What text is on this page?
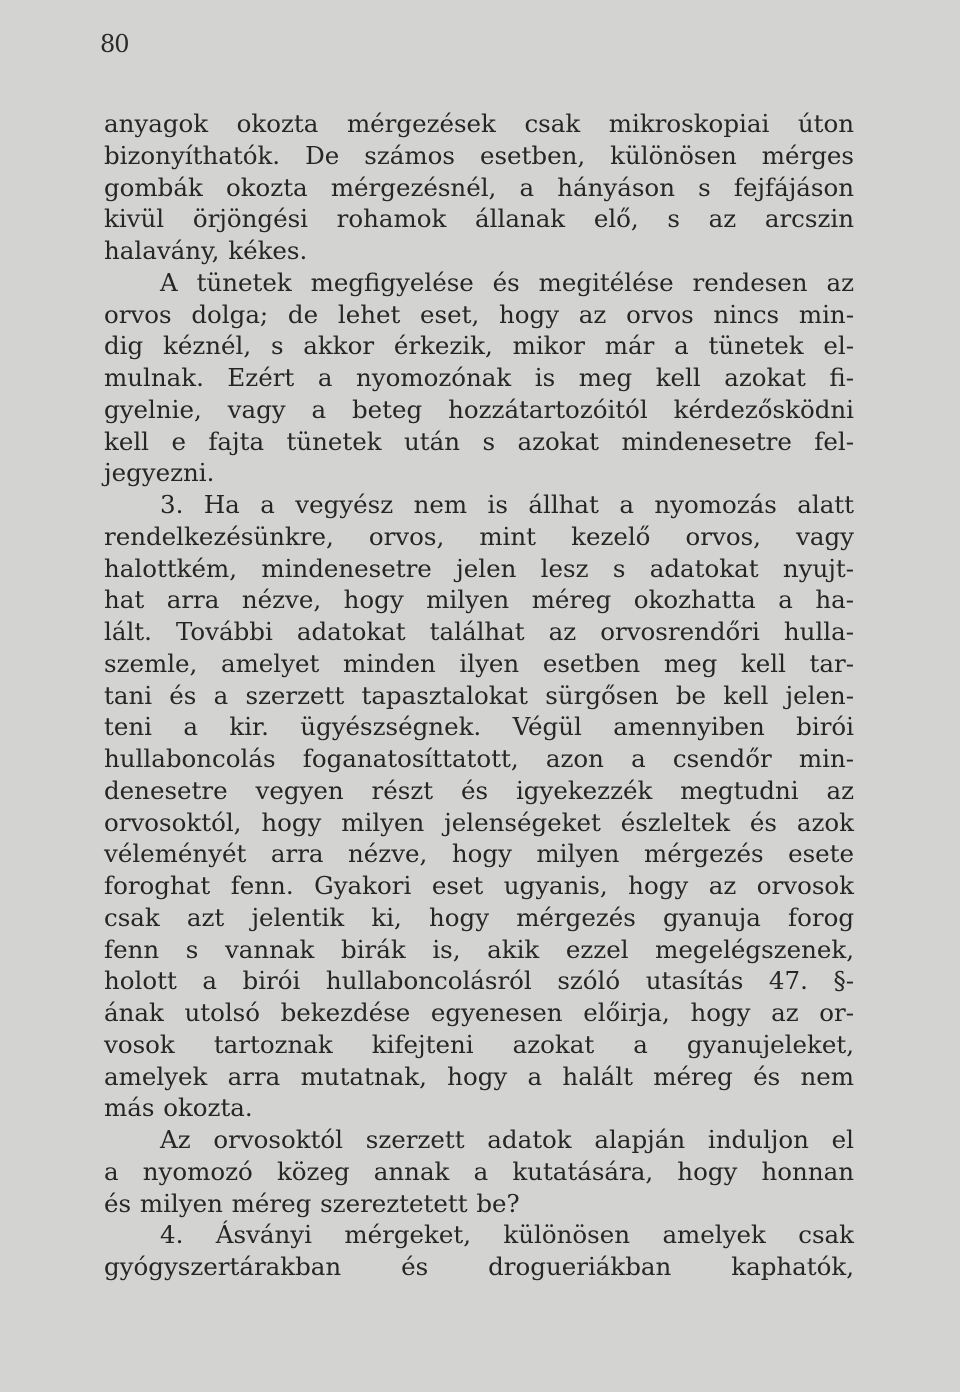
80
anyagok okozta mérgezések csak mikroskopiai úton
bizonyíthatók. De számos esetben, különösen mérges
gombák okozta mérgezésnél, a hányáson s fejfájáson
kivül örjöngési rohamok állanak elő, s az arcszin
halavány, kékes.
A tünetek megfigyelése és megitélése rendesen az
orvos dolga; de lehet eset, hogy az orvos nincs min-
dig kéznél, s akkor érkezik, mikor már a tünetek el-
mulnak. Ezért a nyomozónak is meg kell azokat fi-
gyelnie, vagy a beteg hozzátartozóitól kérdezősködni
kell e fajta tünetek után s azokat mindenesetre fel-
jegyezni.
3. Ha a vegyész nem is állhat a nyomozás alatt
rendelkezésünkre, orvos, mint kezelő orvos, vagy
halottkém, mindenesetre jelen lesz s adatokat nyujt-
hat arra nézve, hogy milyen méreg okozhatta a ha-
lált. További adatokat találhat az orvosrendőri hulla-
szemle, amelyet minden ilyen esetben meg kell tar-
tani és a szerzett tapasztalokat sürgősen be kell jelen-
teni a kir. ügyészségnek. Végül amennyiben birói
hullaboncolás foganatosíttatott, azon a csendőr min-
denesetre vegyen részt és igyekezzék megtudni az
orvosoktól, hogy milyen jelenségeket észleltek és azok
véleményét arra nézve, hogy milyen mérgezés esete
foroghat fenn. Gyakori eset ugyanis, hogy az orvosok
csak azt jelentik ki, hogy mérgezés gyanuja forog
fenn s vannak birák is, akik ezzel megelégszenek,
holott a birói hullaboncolásról szóló utasítás 47. §-
ának utolsó bekezdése egyenesen előirja, hogy az or-
vosok tartoznak kifejteni azokat a gyanujeleket,
amelyek arra mutatnak, hogy a halált méreg és nem
más okozta.
Az orvosoktól szerzett adatok alapján induljon el
a nyomozó közeg annak a kutatására, hogy honnan
és milyen méreg szereztetett be?
4. Ásványi mérgeket, különösen amelyek csak
gyógyszertárakban és drogueriákban kaphatók,
